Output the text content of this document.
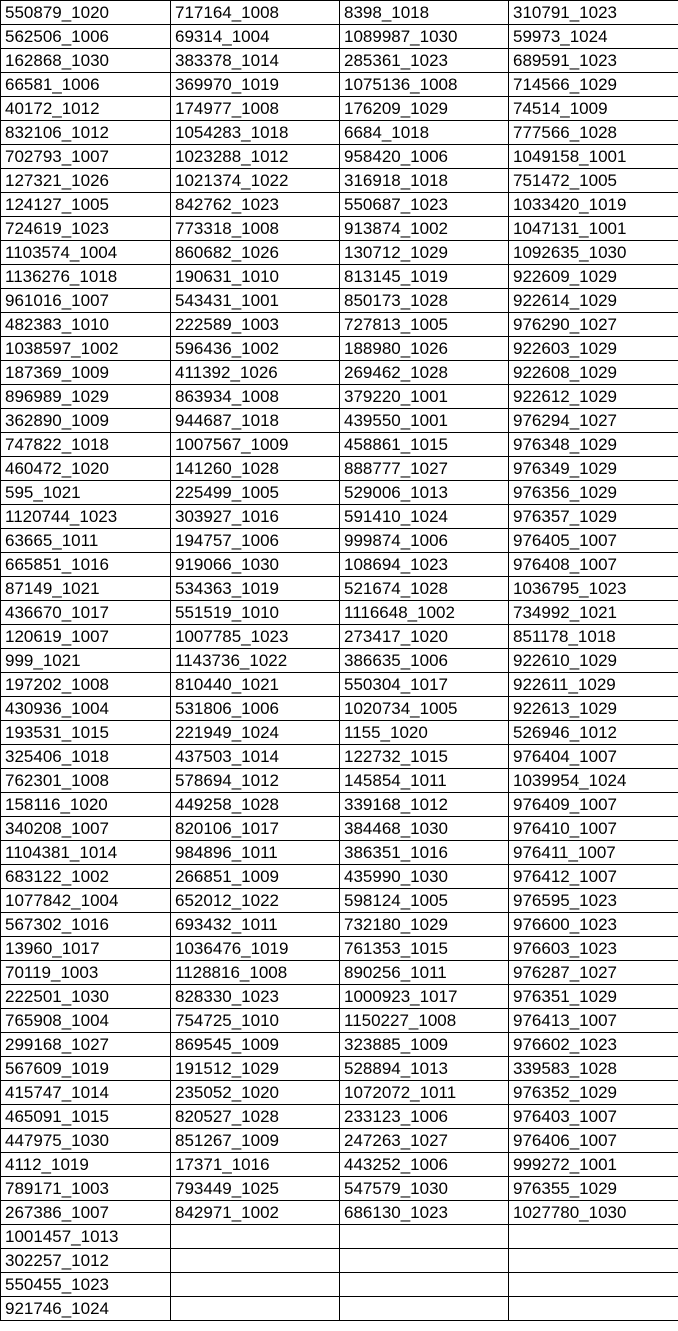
550879_1020	717164_1008	8398_1018	310791_1023
562506_1006	69314_1004	1089987_1030	59973_1024
162868_1030	383378_1014	285361_1023	689591_1023
66581_1006	369970_1019	1075136_1008	714566_1029
40172_1012	174977_1008	176209_1029	74514_1009
832106_1012	1054283_1018	6684_1018	777566_1028
702793_1007	1023288_1012	958420_1006	1049158_1001
127321_1026	1021374_1022	316918_1018	751472_1005
124127_1005	842762_1023	550687_1023	1033420_1019
724619_1023	773318_1008	913874_1002	1047131_1001
1103574_1004	860682_1026	130712_1029	1092635_1030
1136276_1018	190631_1010	813145_1019	922609_1029
961016_1007	543431_1001	850173_1028	922614_1029
482383_1010	222589_1003	727813_1005	976290_1027
1038597_1002	596436_1002	188980_1026	922603_1029
187369_1009	411392_1026	269462_1028	922608_1029
896989_1029	863934_1008	379220_1001	922612_1029
362890_1009	944687_1018	439550_1001	976294_1027
747822_1018	1007567_1009	458861_1015	976348_1029
460472_1020	141260_1028	888777_1027	976349_1029
595_1021	225499_1005	529006_1013	976356_1029
1120744_1023	303927_1016	591410_1024	976357_1029
63665_1011	194757_1006	999874_1006	976405_1007
665851_1016	919066_1030	108694_1023	976408_1007
87149_1021	534363_1019	521674_1028	1036795_1023
436670_1017	551519_1010	1116648_1002	734992_1021
120619_1007	1007785_1023	273417_1020	851178_1018
999_1021	1143736_1022	386635_1006	922610_1029
197202_1008	810440_1021	550304_1017	922611_1029
430936_1004	531806_1006	1020734_1005	922613_1029
193531_1015	221949_1024	1155_1020	526946_1012
325406_1018	437503_1014	122732_1015	976404_1007
762301_1008	578694_1012	145854_1011	1039954_1024
158116_1020	449258_1028	339168_1012	976409_1007
340208_1007	820106_1017	384468_1030	976410_1007
1104381_1014	984896_1011	386351_1016	976411_1007
683122_1002	266851_1009	435990_1030	976412_1007
1077842_1004	652012_1022	598124_1005	976595_1023
567302_1016	693432_1011	732180_1029	976600_1023
13960_1017	1036476_1019	761353_1015	976603_1023
70119_1003	1128816_1008	890256_1011	976287_1027
222501_1030	828330_1023	1000923_1017	976351_1029
765908_1004	754725_1010	1150227_1008	976413_1007
299168_1027	869545_1009	323885_1009	976602_1023
567609_1019	191512_1029	528894_1013	339583_1028
415747_1014	235052_1020	1072072_1011	976352_1029
465091_1015	820527_1028	233123_1006	976403_1007
447975_1030	851267_1009	247263_1027	976406_1007
4112_1019	17371_1016	443252_1006	999272_1001
789171_1003	793449_1025	547579_1030	976355_1029
267386_1007	842971_1002	686130_1023	1027780_1030
1001457_1013			
302257_1012			
550455_1023			
921746_1024			
